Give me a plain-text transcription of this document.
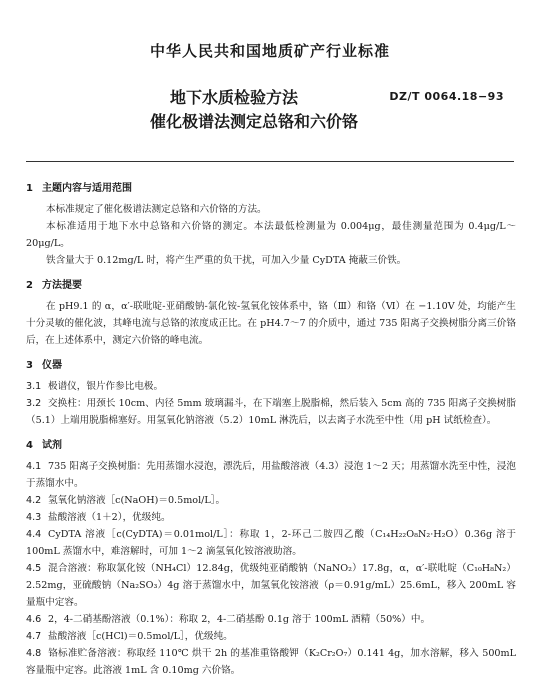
中华人民共和国地质矿产行业标准
地下水质检验方法
催化极谱法测定总铬和六价铬
DZ/T 0064.18−93
1 主题内容与适用范围
本标准规定了催化极谱法测定总铬和六价铬的方法。
本标准适用于地下水中总铬和六价铬的测定。本法最低检测量为 0.004μg，最佳测量范围为 0.4μg/L～20μg/L。
铁含量大于 0.12mg/L 时，将产生严重的负干扰，可加入少量 CyDTA 掩蔽三价铁。
2 方法提要
在 pH9.1 的 α，α′-联吡啶-亚硝酸钠-氯化铵-氢氧化铵体系中，铬（Ⅲ）和铬（Ⅵ）在 −1.10V 处，均能产生十分灵敏的催化波，其峰电流与总铬的浓度成正比。在 pH4.7～7 的介质中，通过 735 阳离子交换树脂分离三价铬后，在上述体系中，测定六价铬的峰电流。
3 仪器
3.1 极谱仪，银片作参比电极。
3.2 交换柱：用颈长 10cm、内径 5mm 玻璃漏斗，在下端塞上脱脂棉，然后装入 5cm 高的 735 阳离子交换树脂（5.1）上端用脱脂棉塞好。用氢氧化钠溶液（5.2）10mL 淋洗后，以去离子水洗至中性（用 pH 试纸检查）。
4 试剂
4.1 735 阳离子交换树脂：先用蒸馏水浸泡，漂洗后，用盐酸溶液（4.3）浸泡 1～2 天；用蒸馏水洗至中性，浸泡于蒸馏水中。
4.2 氢氧化钠溶液［c(NaOH)＝0.5mol/L］。
4.3 盐酸溶液（1＋2），优级纯。
4.4 CyDTA 溶液［c(CyDTA)＝0.01mol/L］：称取 1，2-环己二胺四乙酸（C₁₄H₂₂O₈N₂·H₂O）0.36g 溶于 100mL 蒸馏水中，难溶解时，可加 1～2 滴氢氧化铵溶液助溶。
4.5 混合溶液：称取氯化铵（NH₄Cl）12.84g，优级纯亚硝酸钠（NaNO₂）17.8g，α，α′-联吡啶（C₁₀H₈N₂）2.52mg，亚硫酸钠（Na₂SO₃）4g 溶于蒸馏水中，加氢氧化铵溶液（ρ＝0.91g/mL）25.6mL，移入 200mL 容量瓶中定容。
4.6 2，4-二硝基酚溶液（0.1%）：称取 2，4-二硝基酚 0.1g 溶于 100mL 酒精（50%）中。
4.7 盐酸溶液［c(HCl)＝0.5mol/L］，优级纯。
4.8 铬标准贮备溶液：称取经 110℃ 烘干 2h 的基准重铬酸钾（K₂Cr₂O₇）0.141 4g，加水溶解，移入 500mL 容量瓶中定容。此溶液 1mL 含 0.10mg 六价铬。
